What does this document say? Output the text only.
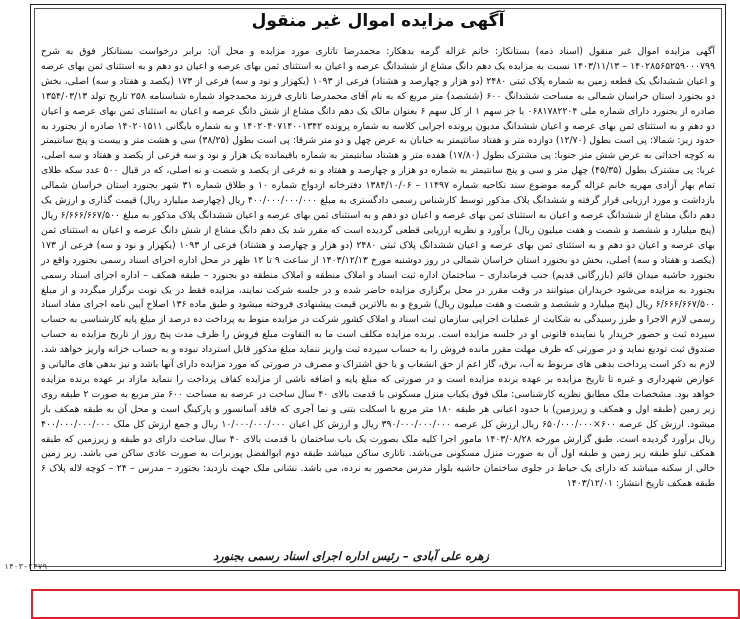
آگهی مزایده اموال غیر منقول
آگهی مزایده اموال غیر منقول (اسناد ذمه) بستانکار: خانم غزاله گرمه بدهکار: محمدرضا تاتاری مورد مزایده و محل آن: برابر درخواست بستانکار فوق به شرح ۱۴۰۲۸۵۶۵۲۵۹۰۰۰۷۹۹ – ۱۴۰۳/۱۱/۱۳ نسبت به مزایده یک دهم دانگ مشاع از ششدانگ عرصه و اعیان به استثنای ثمن بهای عرصه و اعیان دو دهم و به استثنای ثمن بهای عرصه و اعیان ششدانگ یک قطعه زمین به شماره پلاک ثبتی ۲۴۸۰ (دو هزار و چهارصد و هشتاد) فرعی از ۱۰۹۳ (یکهزار و نود و سه) فرعی از ۱۷۳ (یکصد و هفتاد و سه) اصلی، بخش دو بجنورد استان خراسان شمالی به مساحت ششدانگ ۶۰۰ (ششصد) متر مربع که به نام آقای محمدرضا تاتاری فرزند محمدجواد شماره شناسنامه ۲۵۸ تاریخ تولد ۱۳۵۴/۰۳/۱۳ صادره از بجنورد دارای شماره ملی ۰۶۸۱۷۸۲۲۰۴ با جز سهم ۱ از کل سهم ۶ بعنوان مالک یک دهم دانگ مشاع از شش دانگ عرصه و اعیان به استثنای ثمن بهای عرصه و اعیان دو دهم و به استثنای ثمن بهای عرصه و اعیان ششدانگ مدیون پرونده اجرایی کلاسه به شماره پرونده ۱۴۰۲۰۴۰۷۱۴۰۰۱۳۴۲ و به شماره بایگانی ۱۴۰۲۰۱۵۱۱ صادره از بجنورد به حدود زیر: شمالا: پی است بطول (۱۲/۷۰) دوازده متر و هفتاد سانتیمتر به خیابان به عرض چهل و دو متر شرقا: پی است بطول (۳۸/۲۵) سی و هشت متر و بیست و پنج سانتیمتر به کوچه احداثی به عرض شش متر جنوبا: پی مشترک بطول (۱۷/۸۰) هفده متر و هشتاد سانتیمتر به شماره باقیمانده یک هزار و نود و سه فرعی از یکصد و هفتاد و سه اصلی، غربا: پی مشترک بطول (۴۵/۳۵) چهل متر و سی و پنج سانتیمتر به شماره دو هزار و چهارصد و هفتاد و نه فرعی از یکصد و شصت و نه اصلی، که در قبال ۵۰۰ عدد سکه طلای تمام بهار آزادی مهریه خانم غزاله گرمه موضوع سند نکاحیه شماره ۱۱۴۹۷ – ۱۳۸۴/۱۰/۰۶ دفترخانه ازدواج شماره ۱۰ و طلاق شماره ۳۱ شهر بجنورد استان خراسان شمالی بازداشت و مورد ارزیابی قرار گرفته و ششدانگ پلاک مذکور توسط کارشناس رسمی دادگستری به مبلغ ۴۰۰/۰۰۰/۰۰۰/۰۰۰ ریال (چهارصد میلیارد ریال) قیمت گذاری و ارزش یک دهم دانگ مشاع از ششدانگ عرصه و اعیان به استثنای ثمن بهای عرصه و اعیان دو دهم و به استثنای ثمن بهای عرصه و اعیان ششدانگ پلاک مذکور به مبلغ ۶/۶۶۶/۶۶۷/۵۰۰ ریال (پنج میلیارد و ششصد و شصت و هفت میلیون ریال) برآورد و نظریه ارزیابی قطعی گردیده است که مقرر شد یک دهم دانگ مشاع از شش دانگ عرصه و اعیان به استثنای ثمن بهای عرصه و اعیان دو دهم و به استثنای ثمن بهای عرصه و اعیان ششدانگ پلاک ثبتی ۲۴۸۰ (دو هزار و چهارصد و هشتاد) فرعی از ۱۰۹۳ (یکهزار و نود و سه) فرعی از ۱۷۳ (یکصد و هفتاد و سه) اصلی، بخش دو بجنورد استان خراسان شمالی در روز دوشنبه مورخ ۱۴۰۳/۱۲/۱۳ از ساعت ۹ تا ۱۲ ظهر در محل اداره اجرای اسناد رسمی بجنورد واقع در بجنورد حاشیه میدان قائم (بازرگانی قدیم) جنب فرمانداری – ساختمان اداره ثبت اسناد و املاک منطقه و املاک منطقه دو بجنورد – طبقه همکف – اداره اجرای اسناد رسمی بجنورد به مزایده می‌شود خریداران میتوانند در وقت مقرر در محل برگزاری مزایده حاضر شده و در جلسه شرکت نمایند، مزایده فقط در یک نوبت برگزار میگردد و از مبلغ ۶/۶۶۶/۶۶۷/۵۰۰ ریال (پنج میلیارد و ششصد و شصت و هفت میلیون ریال) شروع و به بالاترین قیمت پیشنهادی فروخته میشود و طبق ماده ۱۳۶ اصلاح آیین نامه اجرای مفاد اسناد رسمی لازم الاجرا و طرز رسیدگی به شکایت از عملیات اجرایی سازمان ثبت اسناد و املاک کشور شرکت در مزایده منوط به پرداخت ده درصد از مبلغ پایه کارشناسی به حساب سپرده ثبت و حضور خریدار یا نماینده قانونی او در جلسه مزایده است. برنده مزایده مکلف است ما به التفاوت مبلغ فروش را ظرف مدت پنج روز از تاریخ مزایده به حساب صندوق ثبت تودیع نماید و در صورتی که ظرف مهلت مقرر مانده فروش را به حساب سپرده ثبت واریز ننماید مبلغ مذکور قابل استرداد نبوده و به حساب خزانه واریز خواهد شد. لازم به ذکر است پرداخت بدهی های مربوط به آب، برق، گاز اعم از حق انشعاب و یا حق اشتراک و مصرف در صورتی که مورد مزایده دارای آنها باشد و نیز بدهی های مالیاتی و عوارض شهرداری و غیره تا تاریخ مزایده بر عهده برنده مزایده است و در صورتی که مبلغ پایه و اضافه ناشی از مزایده کفاف پرداخت را ننماید مازاد بر عهده برنده مزایده خواهد بود. مشخصات ملک مطابق نظریه کارشناسی: ملک فوق یکباب منزل مسکونی با قدمت بالای ۴۰ سال ساخت در عرصه به مساحت ۶۰۰ متر مربع به صورت ۲ طبقه روی زیر زمین (طبقه اول و همکف و زیرزمین) با حدود اعیانی هر طبقه ۱۸۰ متر مربع با اسکلت بتنی و نما آجری که فاقد آسانسور و پارکینگ است و محل آن به طبقه همکف باز میشود. ارزش کل عرصه ۶۰۰×۶۵۰/۰۰۰/۰۰۰ ریال ارزش کل عرصه ۳۹۰/۰۰۰/۰۰۰/۰۰۰ ریال و ارزش کل اعیان ۱۰/۰۰۰/۰۰۰/۰۰۰ ریال و جمع ارزش کل ملک ۴۰۰/۰۰۰/۰۰۰/۰۰۰ ریال برآورد گردیده است. طبق گزارش مورخه ۱۴۰۳/۰۸/۲۸ مامور اجرا کلیه ملک بصورت یک باب ساختمان با قدمت بالای ۴۰ سال ساخت دارای دو طبقه و زیرزمین که طبقه همکف تبلو طبقه زیر زمین و طبقه اول آن به صورت منزل مسکونی می‌باشد. تاتاری ساکن میباشد طبقه دوم ابوالفضل پوربرات به صورت عادی ساکن می باشد. زیر زمین خالی از سکنه میباشد که دارای یک حیاط در جلوی ساختمان حاشیه بلوار مدرس محصور به نرده، می باشد. نشانی ملک جهت بازدید: بجنورد – مدرس – ۲۴ – کوچه لاله پلاک ۶ طبقه همکف تاریخ انتشار: ۱۴۰۳/۱۲/۰۱
زهره علی آبادی – رئیس اداره اجرای اسناد رسمی بجنورد
۱۴۰۳-۲۳۷۹
